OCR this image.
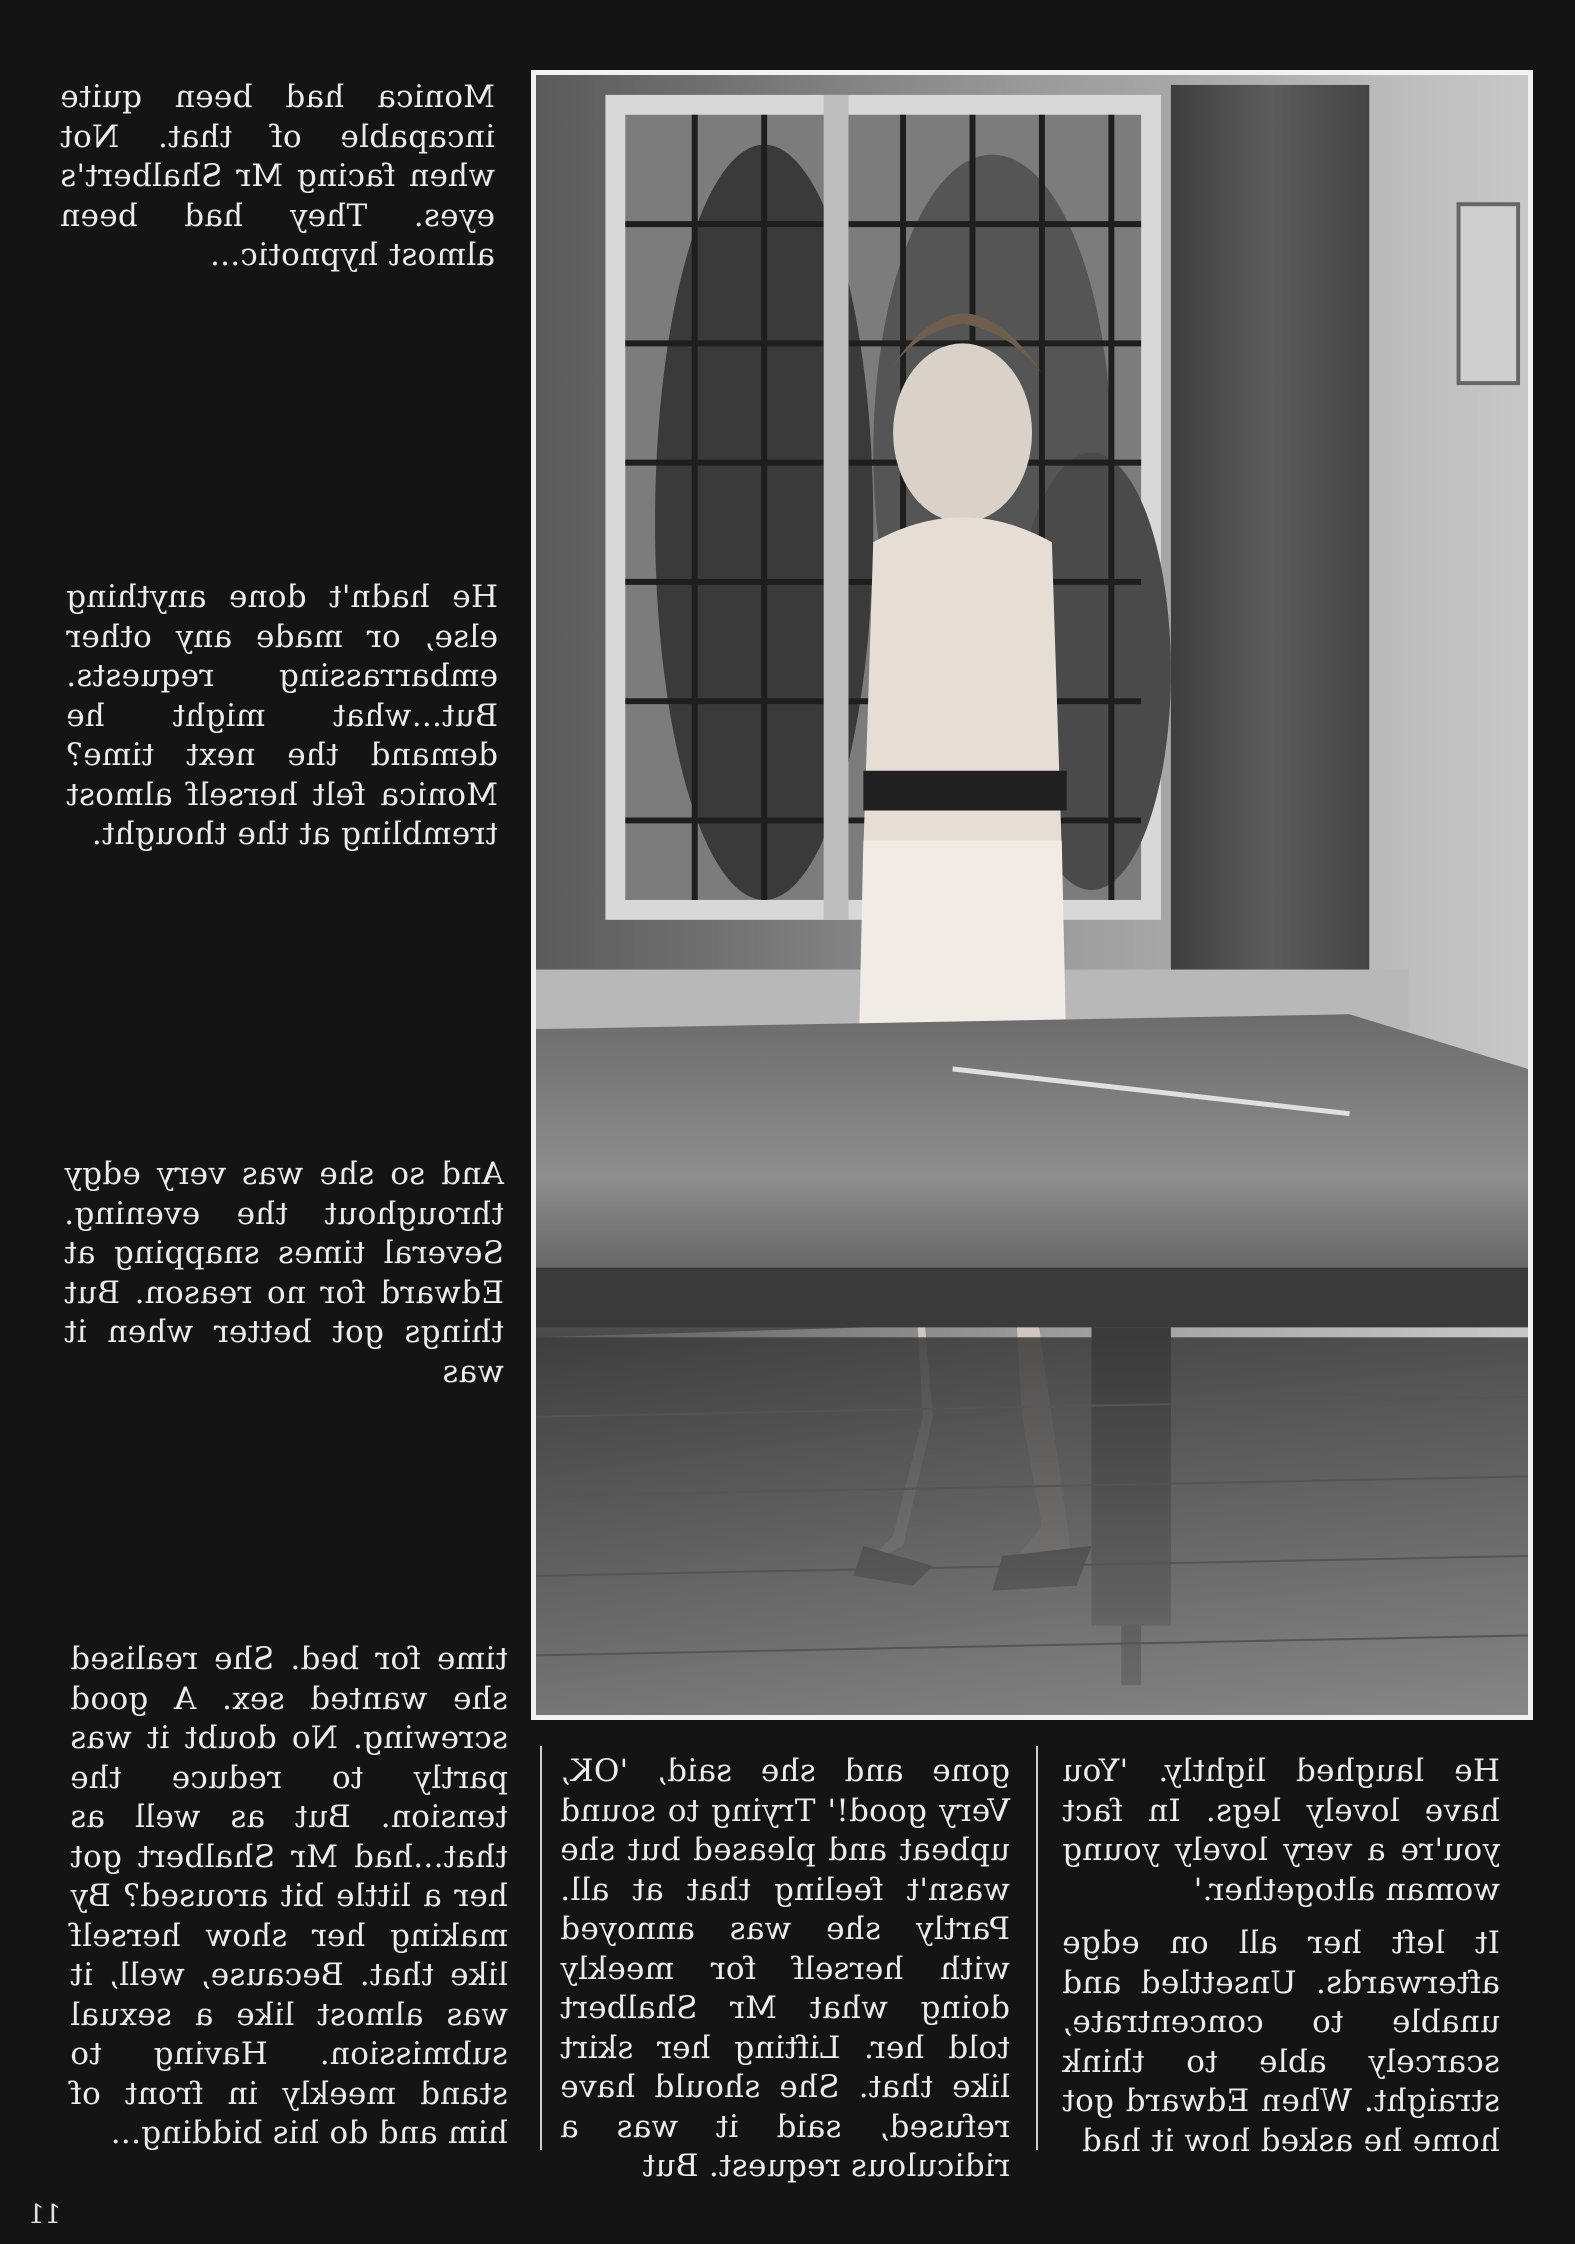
Monica had been quite incapable of that. Not when facing Mr Shalbert's eyes. They had been almost hypnotic...

He hadn't done anything else, or made any other embarrassing requests. But...what might he demand the next time? Monica felt herself almost trembling at the thought.

And so she was very edgy throughout the evening. Several times snapping at Edward for no reason. But things got better when it was

time for bed. She realised she wanted sex. A good screwing. No doubt it was partly to reduce the tension. But as well as that...had Mr Shalbert got her a little bit aroused? By making her show herself like that. Because, well, it was almost like a sexual submission. Having to stand meekly in front of him and do his bidding...

gone and she said, 'OK, Very good!' Trying to sound upbeat and pleased but she wasn't feeling that at all. Partly she was annoyed with herself for meekly doing what Mr Shalbert told her. Lifting her skirt like that. She should have refused, said it was a ridiculous request. But

He laughed lightly. 'You have lovely legs. In fact you're a very lovely young woman altogether.'

It left her all on edge afterwards. Unsettled and unable to concentrate, scarcely able to think straight. When Edward got home he asked how it had

11
